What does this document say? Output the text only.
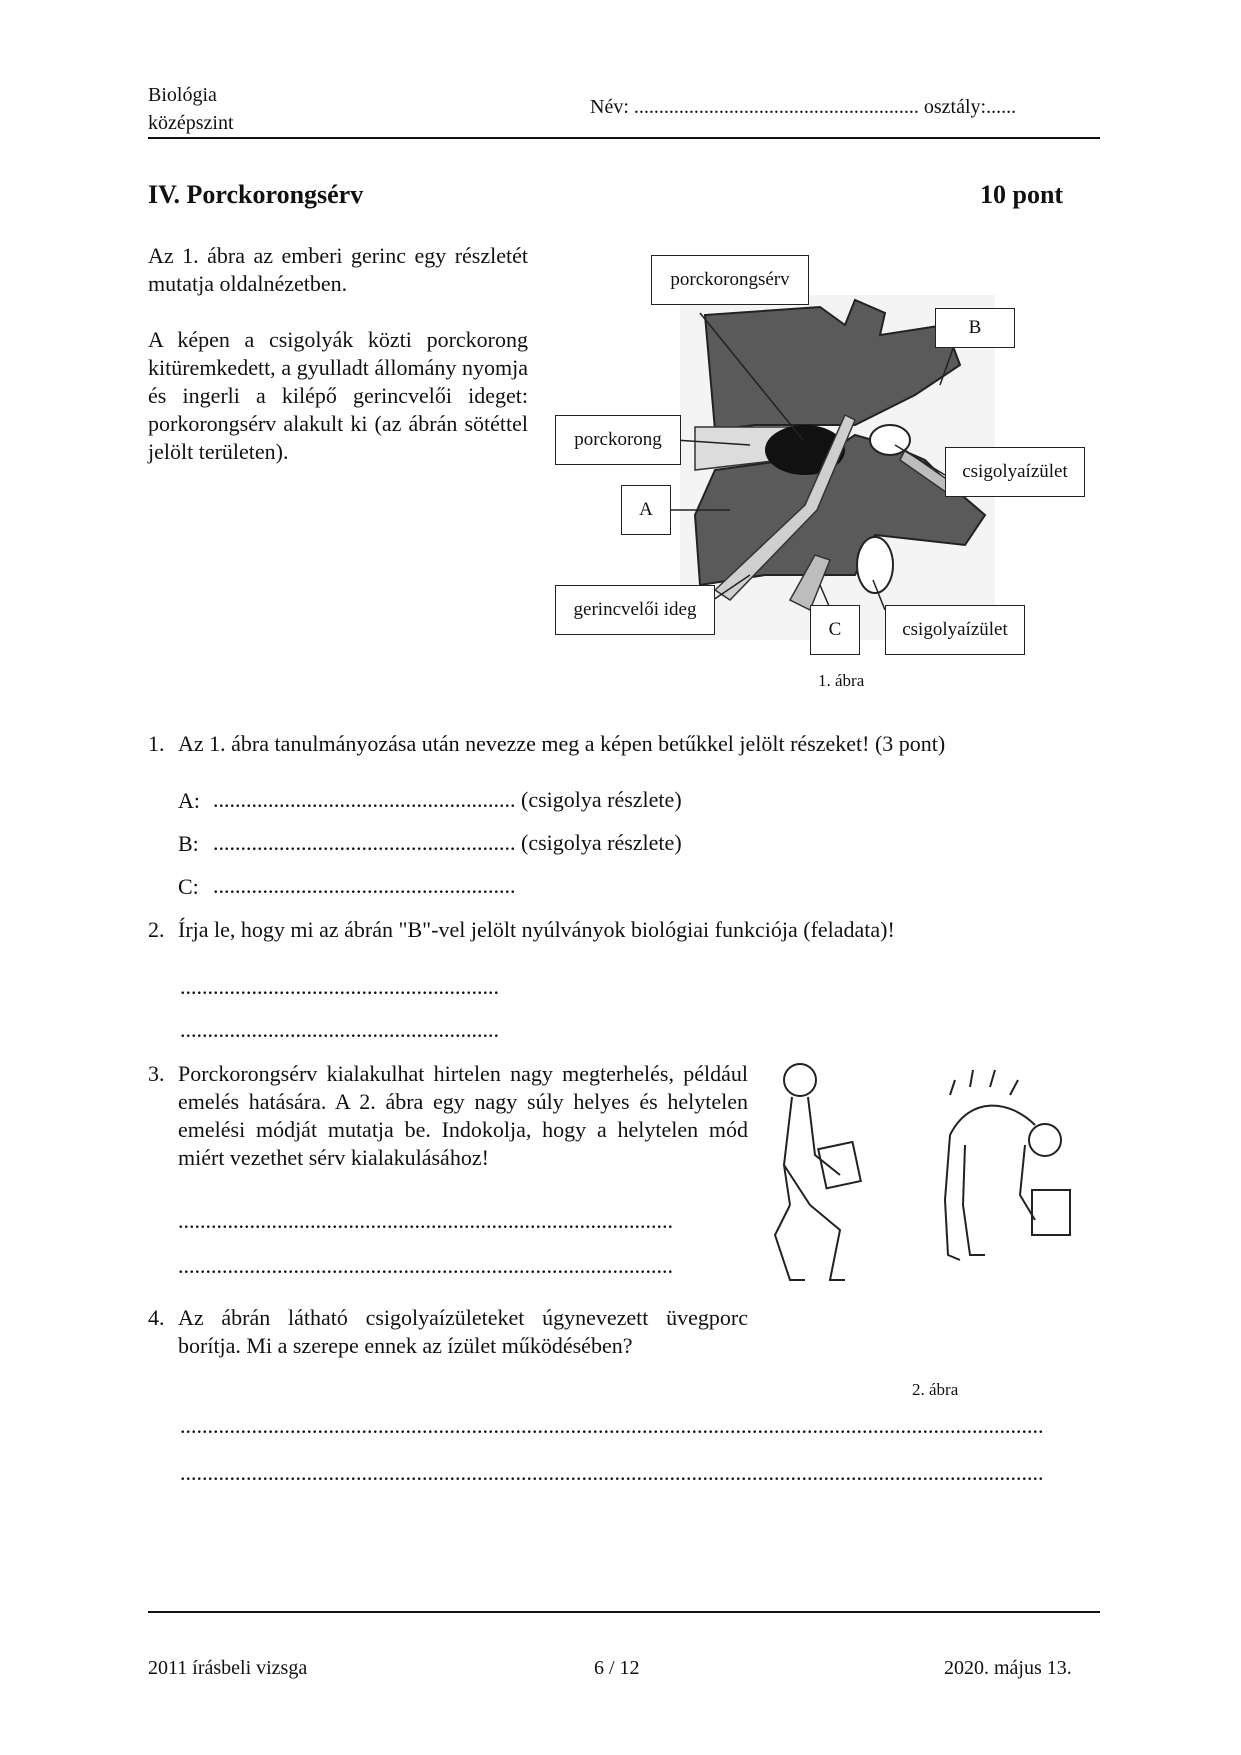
Biológia
középszint
Név: ......................................................... osztály:......
IV. Porckorongsérv	10 pont
Az 1. ábra az emberi gerinc egy részletét mutatja oldalnézetben.
A képen a csigolyák közti porckorong kitüremkedett, a gyulladt állomány nyomja és ingerli a kilépő gerincvelői ideget: porkorongsérv alakult ki (az ábrán sötéttel jelölt területen).
porckorongsérv
B
porckorong
csigolyaízület
A
gerincvelői ideg
C	csigolyaízület
1. ábra
1. Az 1. ábra tanulmányozása után nevezze meg a képen betűkkel jelölt részeket! (3 pont)
A: ....................................................... (csigolya részlete)
B: ....................................................... (csigolya részlete)
C: .......................................................
2. Írja le, hogy mi az ábrán "B"-vel jelölt nyúlványok biológiai funkciója (feladata)!
..........................................................
..........................................................
3. Porckorongsérv kialakulhat hirtelen nagy megterhelés, például emelés hatására. A 2. ábra egy nagy súly helyes és helytelen emelési módját mutatja be. Indokolja, hogy a helytelen mód miért vezethet sérv kialakulásához!
..........................................................................................
..........................................................................................
4. Az ábrán látható csigolyaízületeket úgynevezett üvegporc borítja. Mi a szerepe ennek az ízület működésében?
2. ábra
.............................................................................................................................................................
.............................................................................................................................................................
2011 írásbeli vizsga	6 / 12	2020. május 13.
